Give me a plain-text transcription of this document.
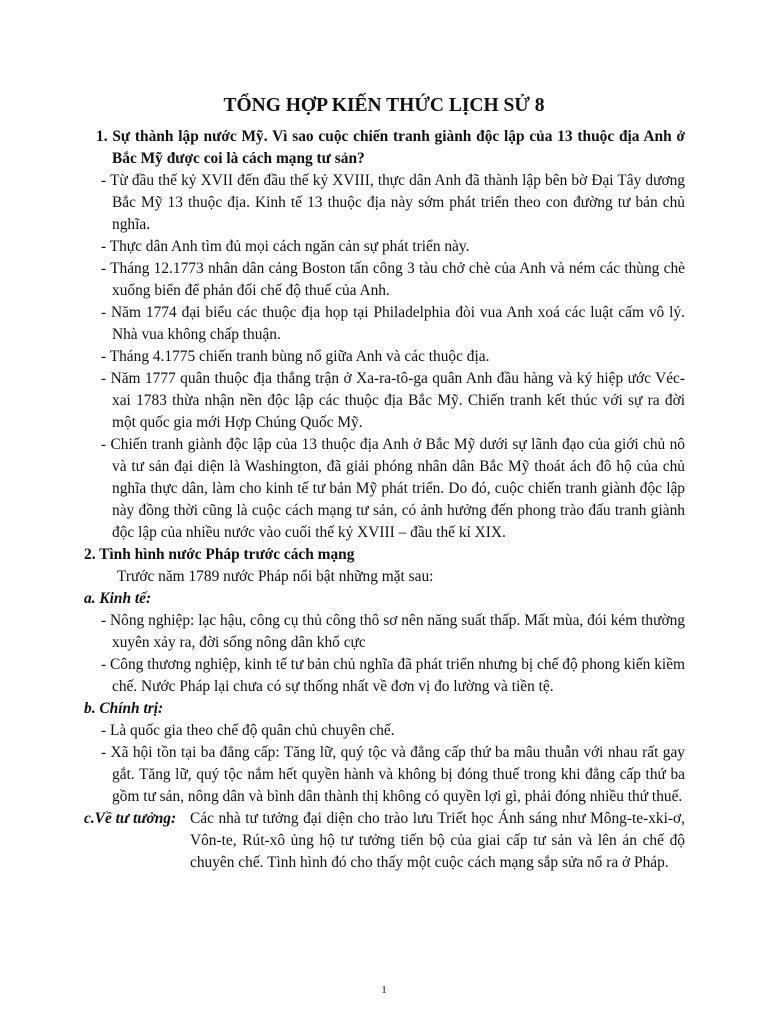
TỔNG HỢP KIẾN THỨC LỊCH SỬ 8
1. Sự thành lập nước Mỹ. Vì sao cuộc chiến tranh giành độc lập của 13 thuộc địa Anh ở Bắc Mỹ được coi là cách mạng tư sản?
- Từ đầu thế kỷ XVII đến đầu thế kỷ XVIII, thực dân Anh đã thành lập bên bờ Đại Tây dương Bắc Mỹ 13 thuộc địa. Kinh tế 13 thuộc địa này sớm phát triển theo con đường tư bản chủ nghĩa.
- Thực dân Anh tìm đủ mọi cách ngăn cản sự phát triển này.
- Tháng 12.1773 nhân dân cảng Boston tấn công 3 tàu chở chè của Anh và ném các thùng chè xuống biển để phản đối chế độ thuế của Anh.
- Năm 1774 đại biểu các thuộc địa họp tại Philadelphia đòi vua Anh xoá các luật cấm vô lý. Nhà vua không chấp thuận.
- Tháng 4.1775 chiến tranh bùng nổ giữa Anh và các thuộc địa.
- Năm 1777 quân thuộc địa thắng trận ở Xa-ra-tô-ga quân Anh đầu hàng và ký hiệp ước Véc-xai 1783 thừa nhận nền độc lập các thuộc địa Bắc Mỹ. Chiến tranh kết thúc với sự ra đời một quốc gia mới Hợp Chúng Quốc Mỹ.
- Chiến tranh giành độc lập của 13 thuộc địa Anh ở Bắc Mỹ dưới sự lãnh đạo của giới chủ nô và tư sản đại diện là Washington, đã giải phóng nhân dân Bắc Mỹ thoát ách đô hộ của chủ nghĩa thực dân, làm cho kinh tế tư bản Mỹ phát triển. Do đó, cuộc chiến tranh giành độc lập này đồng thời cũng là cuộc cách mạng tư sản, có ảnh hưởng đến phong trào đấu tranh giành độc lập của nhiều nước vào cuối thế kỷ XVIII – đầu thế kỉ XIX.
2. Tình hình nước Pháp trước cách mạng
Trước năm 1789 nước Pháp nổi bật những mặt sau:
a. Kinh tế:
- Nông nghiệp: lạc hậu, công cụ thủ công thô sơ nên năng suất thấp. Mất mùa, đói kém thường xuyên xảy ra, đời sống nông dân khổ cực
- Công thương nghiệp, kinh tế tư bản chủ nghĩa đã phát triển nhưng bị chế độ phong kiến kiềm chế. Nước Pháp lại chưa có sự thống nhất về đơn vị đo lường và tiền tệ.
b. Chính trị:
- Là quốc gia theo chế độ quân chủ chuyên chế.
- Xã hội tồn tại ba đẳng cấp: Tăng lữ, quý tộc và đẳng cấp thứ ba mâu thuẫn với nhau rất gay gắt. Tăng lữ, quý tộc nắm hết quyền hành và không bị đóng thuế trong khi đẳng cấp thứ ba gồm tư sản, nông dân và bình dân thành thị không có quyền lợi gì, phải đóng nhiều thứ thuế.
c.Về tư tưởng: Các nhà tư tưởng đại diện cho trào lưu Triết học Ánh sáng như Mông-te-xki-ơ, Vôn-te, Rút-xô ủng hộ tư tưởng tiến bộ của giai cấp tư sản và lên án chế độ chuyên chế. Tình hình đó cho thấy một cuộc cách mạng sắp sửa nổ ra ở Pháp.
1
